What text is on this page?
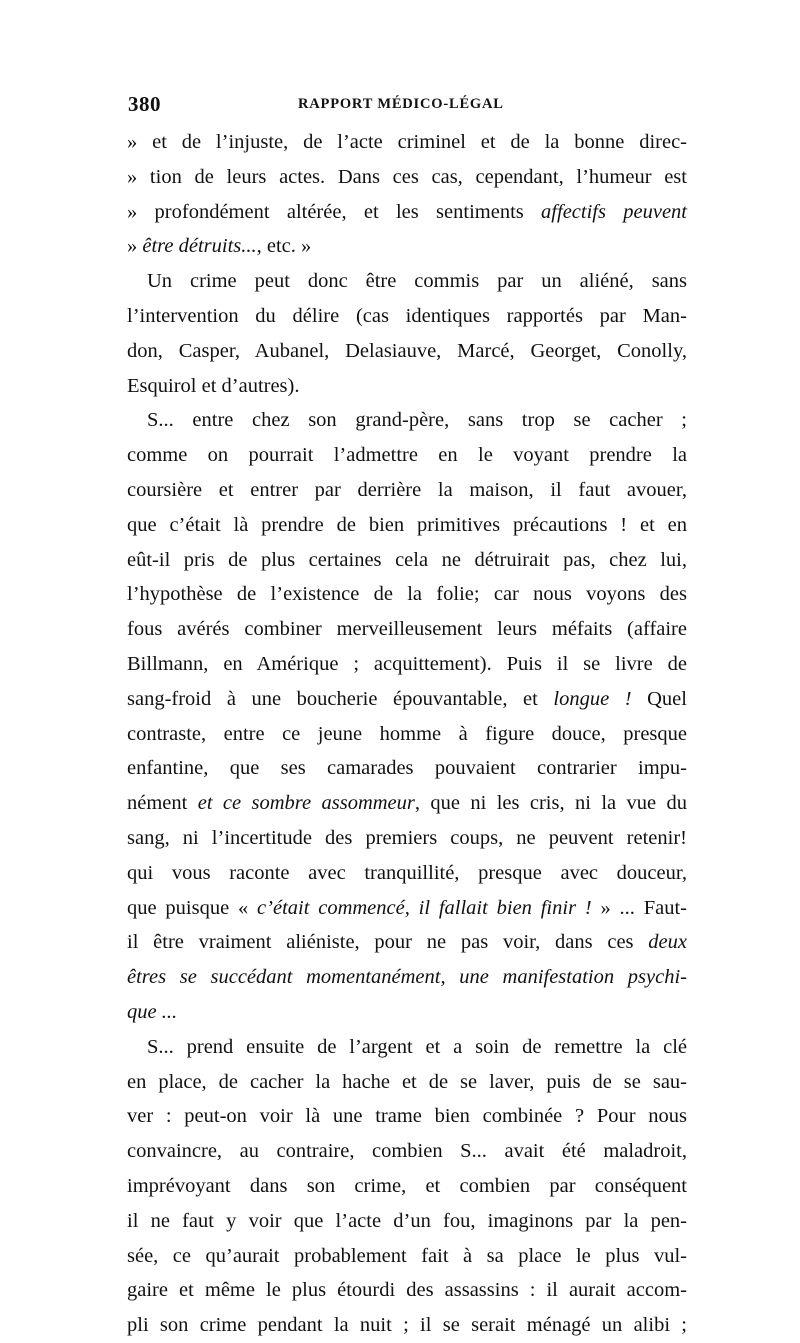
380	RAPPORT MÉDICO-LÉGAL
» et de l’injuste, de l’acte criminel et de la bonne direc-
» tion de leurs actes. Dans ces cas, cependant, l’humeur est
» profondément altérée, et les sentiments affectifs peuvent
» être détruits..., etc. »
Un crime peut donc être commis par un aliéné, sans
l’intervention du délire (cas identiques rapportés par Man-
don, Casper, Aubanel, Delasiauve, Marcé, Georget, Conolly,
Esquirol et d’autres).
S... entre chez son grand-père, sans trop se cacher ;
comme on pourrait l’admettre en le voyant prendre la
coursière et entrer par derrière la maison, il faut avouer,
que c’était là prendre de bien primitives précautions ! et en
eût-il pris de plus certaines cela ne détruirait pas, chez lui,
l’hypothèse de l’existence de la folie; car nous voyons des
fous avérés combiner merveilleusement leurs méfaits (affaire
Billmann, en Amérique ; acquittement). Puis il se livre de
sang-froid à une boucherie épouvantable, et longue ! Quel
contraste, entre ce jeune homme à figure douce, presque
enfantine, que ses camarades pouvaient contrarier impu-
nément et ce sombre assommeur, que ni les cris, ni la vue du
sang, ni l’incertitude des premiers coups, ne peuvent retenir!
qui vous raconte avec tranquillité, presque avec douceur,
que puisque « c’était commencé, il fallait bien finir ! » ... Faut-
il être vraiment aliéniste, pour ne pas voir, dans ces deux
êtres se succédant momentanément, une manifestation psychi-
que ...
S... prend ensuite de l’argent et a soin de remettre la clé
en place, de cacher la hache et de se laver, puis de se sau-
ver : peut-on voir là une trame bien combinée ? Pour nous
convaincre, au contraire, combien S... avait été maladroit,
imprévoyant dans son crime, et combien par conséquent
il ne faut y voir que l’acte d’un fou, imaginons par la pen-
sée, ce qu’aurait probablement fait à sa place le plus vul-
gaire et même le plus étourdi des assassins : il aurait accom-
pli son crime pendant la nuit ; il se serait ménagé un alibi ;
